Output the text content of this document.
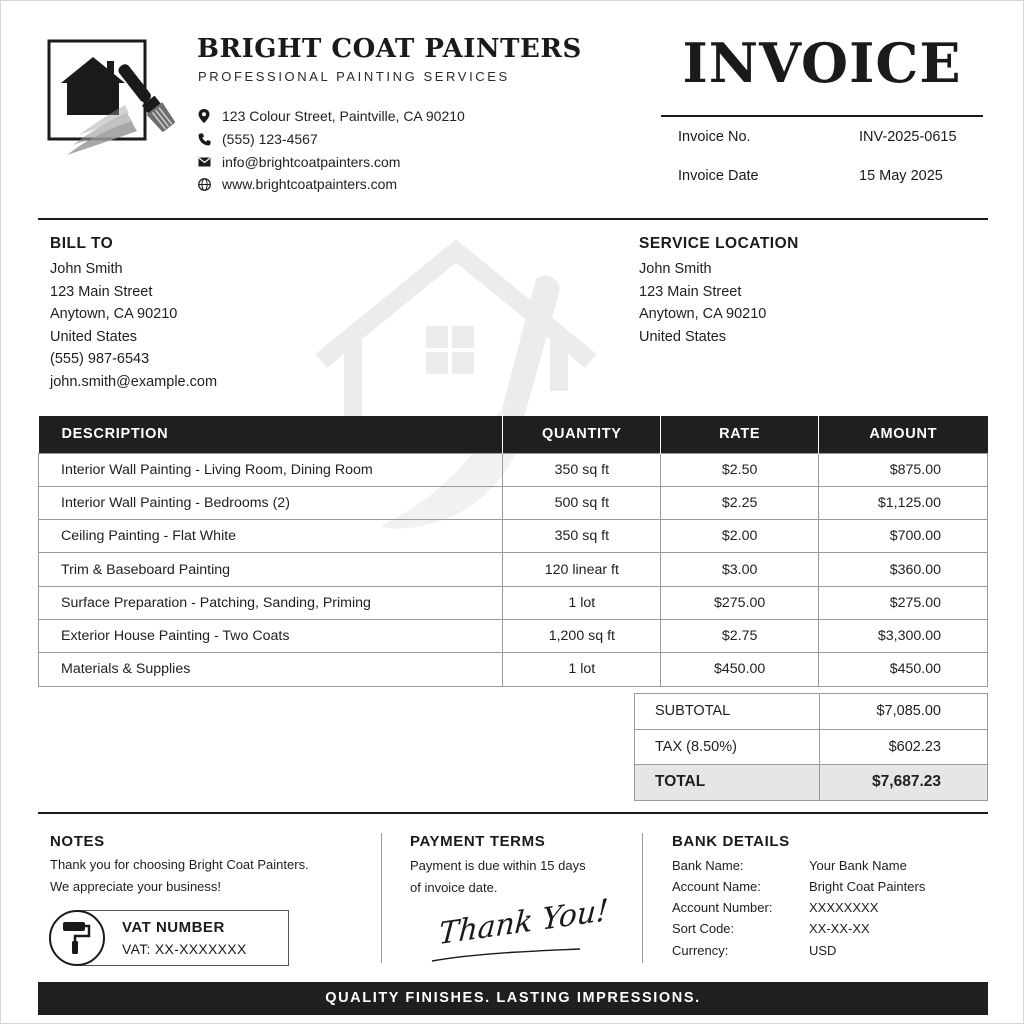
BRIGHT COAT PAINTERS
PROFESSIONAL PAINTING SERVICES
123 Colour Street, Paintville, CA 90210
(555) 123-4567
info@brightcoatpainters.com
www.brightcoatpainters.com
INVOICE
Invoice No.	INV-2025-0615
Invoice Date	15 May 2025
BILL TO
John Smith
123 Main Street
Anytown, CA 90210
United States
(555) 987-6543
john.smith@example.com
SERVICE LOCATION
John Smith
123 Main Street
Anytown, CA 90210
United States
DESCRIPTION	QUANTITY	RATE	AMOUNT
Interior Wall Painting - Living Room, Dining Room	350 sq ft	$2.50	$875.00
Interior Wall Painting - Bedrooms (2)	500 sq ft	$2.25	$1,125.00
Ceiling Painting - Flat White	350 sq ft	$2.00	$700.00
Trim & Baseboard Painting	120 linear ft	$3.00	$360.00
Surface Preparation - Patching, Sanding, Priming	1 lot	$275.00	$275.00
Exterior House Painting - Two Coats	1,200 sq ft	$2.75	$3,300.00
Materials & Supplies	1 lot	$450.00	$450.00
SUBTOTAL	$7,085.00
TAX (8.50%)	$602.23
TOTAL	$7,687.23
NOTES
Thank you for choosing Bright Coat Painters.
We appreciate your business!
VAT NUMBER
VAT: XX-XXXXXXX
PAYMENT TERMS
Payment is due within 15 days
of invoice date.
Thank You!
BANK DETAILS
Bank Name:	Your Bank Name
Account Name:	Bright Coat Painters
Account Number:	XXXXXXXX
Sort Code:	XX-XX-XX
Currency:	USD
QUALITY FINISHES. LASTING IMPRESSIONS.
